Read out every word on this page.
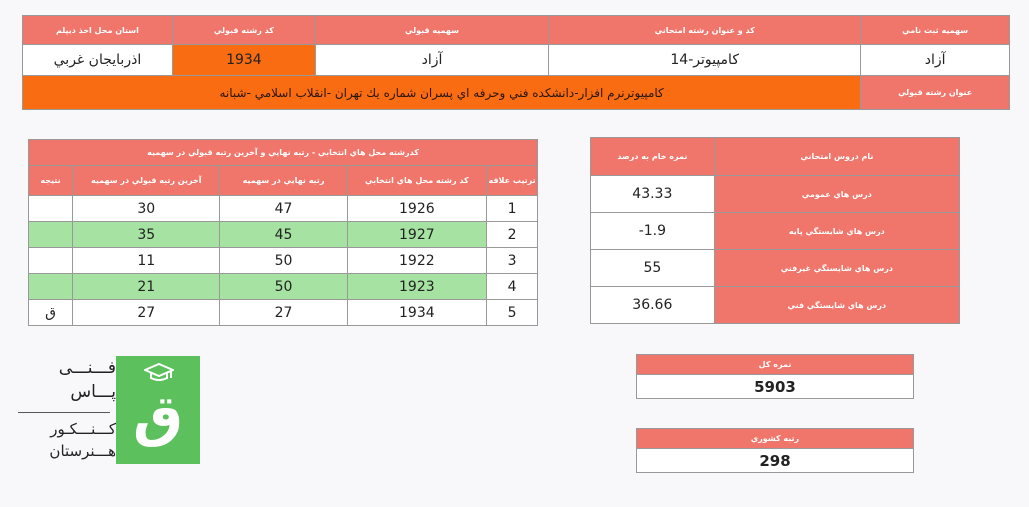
استان محل اخذ ديپلم	كد رشته قبولي	سهميه قبولي	كد و عنوان رشته امتحاني	سهميه ثبت نامي
اذربايجان غربي	1934	آزاد	14-كامپيوتر	آزاد
كامپيوترنرم افزار-دانشكده فني وحرفه اي پسران شماره يك تهران -انقلاب اسلامي -شبانه				عنوان رشته قبولي
كدرشته محل هاي انتخابي - رتبه نهايي و آخرين رتبه قبولي در سهميه				
نتيجه	آخرين رتبه قبولي در سهميه	رتبه نهايي در سهميه	كد رشته محل هاي انتخابي	ترتيب علاقه
	30	47	1926	1
	35	45	1927	2
	11	50	1922	3
	21	50	1923	4
ق	27	27	1934	5
نمره خام به درصد	نام دروس امتحاني
43.33	درس هاي عمومي
-1.9	درس هاي شايستگي پايه
55	درس هاي شايستگي غيرفني
36.66	درس هاي شايستگي فني
نمره كل
5903
رتبه كشوري
298
فـــنـــی
پـــاس
کـــنـــکـور
هـــنرستان
ق
